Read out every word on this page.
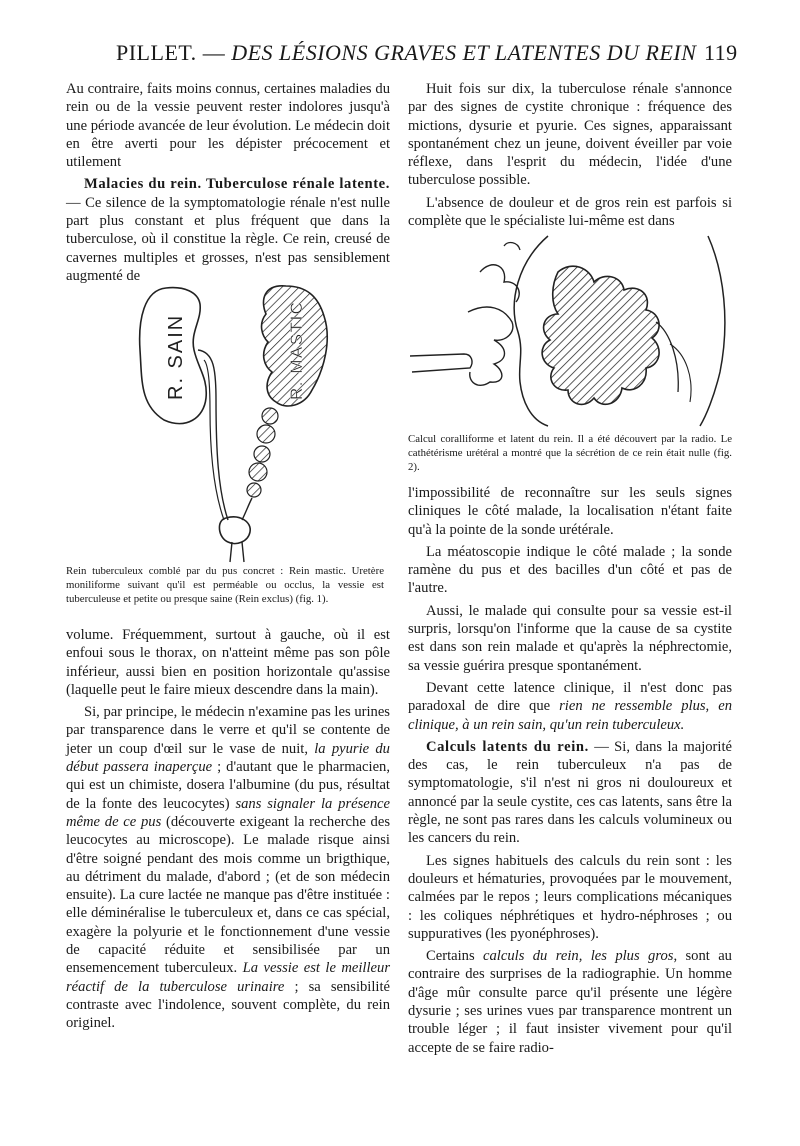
PILLET. — DES LÉSIONS GRAVES ET LATENTES DU REIN 119

Au contraire, faits moins connus, certaines maladies du rein ou de la vessie peuvent rester indolores jusqu'à une période avancée de leur évolution. Le médecin doit en être averti pour les dépister précocement et utilement

Malacies du rein. Tuberculose rénale latente. — Ce silence de la symptomatologie rénale n'est nulle part plus constant et plus fréquent que dans la tuberculose, où il constitue la règle. Ce rein, creusé de cavernes multiples et grosses, n'est pas sensiblement augmenté de

R. SAIN	R. MASTIC
Rein tuberculeux comblé par du pus concret : Rein mastic. Uretère moniliforme suivant qu'il est perméable ou occlus, la vessie est tuberculeuse et petite ou presque saine (Rein exclus) (fig. 1).

volume. Fréquemment, surtout à gauche, où il est enfoui sous le thorax, on n'atteint même pas son pôle inférieur, aussi bien en position horizontale qu'assise (laquelle peut le faire mieux descendre dans la main).

Si, par principe, le médecin n'examine pas les urines par transparence dans le verre et qu'il se contente de jeter un coup d'œil sur le vase de nuit, la pyurie du début passera inaperçue ; d'autant que le pharmacien, qui est un chimiste, dosera l'albumine (du pus, résultat de la fonte des leucocytes) sans signaler la présence même de ce pus (découverte exigeant la recherche des leucocytes au microscope). Le malade risque ainsi d'être soigné pendant des mois comme un brigthique, au détriment du malade, d'abord ; (et de son médecin ensuite). La cure lactée ne manque pas d'être instituée : elle déminéralise le tuberculeux et, dans ce cas spécial, exagère la polyurie et le fonctionnement d'une vessie de capacité réduite et sensibilisée par un ensemencement tuberculeux. La vessie est le meilleur réactif de la tuberculose urinaire ; sa sensibilité contraste avec l'indolence, souvent complète, du rein originel.

Huit fois sur dix, la tuberculose rénale s'annonce par des signes de cystite chronique : fréquence des mictions, dysurie et pyurie. Ces signes, apparaissant spontanément chez un jeune, doivent éveiller par voie réflexe, dans l'esprit du médecin, l'idée d'une tuberculose possible.

L'absence de douleur et de gros rein est parfois si complète que le spécialiste lui-même est dans

Calcul coralliforme et latent du rein. Il a été découvert par la radio. Le cathétérisme urétéral a montré que la sécrétion de ce rein était nulle (fig. 2).

l'impossibilité de reconnaître sur les seuls signes cliniques le côté malade, la localisation n'étant faite qu'à la pointe de la sonde urétérale.

La méatoscopie indique le côté malade ; la sonde ramène du pus et des bacilles d'un côté et pas de l'autre.

Aussi, le malade qui consulte pour sa vessie est-il surpris, lorsqu'on l'informe que la cause de sa cystite est dans son rein malade et qu'après la néphrectomie, sa vessie guérira presque spontanément.

Devant cette latence clinique, il n'est donc pas paradoxal de dire que rien ne ressemble plus, en clinique, à un rein sain, qu'un rein tuberculeux.

Calculs latents du rein. — Si, dans la majorité des cas, le rein tuberculeux n'a pas de symptomatologie, s'il n'est ni gros ni douloureux et annoncé par la seule cystite, ces cas latents, sans être la règle, ne sont pas rares dans les calculs volumineux ou les cancers du rein.

Les signes habituels des calculs du rein sont : les douleurs et hématuries, provoquées par le mouvement, calmées par le repos ; leurs complications mécaniques : les coliques néphrétiques et hydro-néphroses ; ou suppuratives (les pyonéphroses).

Certains calculs du rein, les plus gros, sont au contraire des surprises de la radiographie. Un homme d'âge mûr consulte parce qu'il présente une légère dysurie ; ses urines vues par transparence montrent un trouble léger ; il faut insister vivement pour qu'il accepte de se faire radio-
